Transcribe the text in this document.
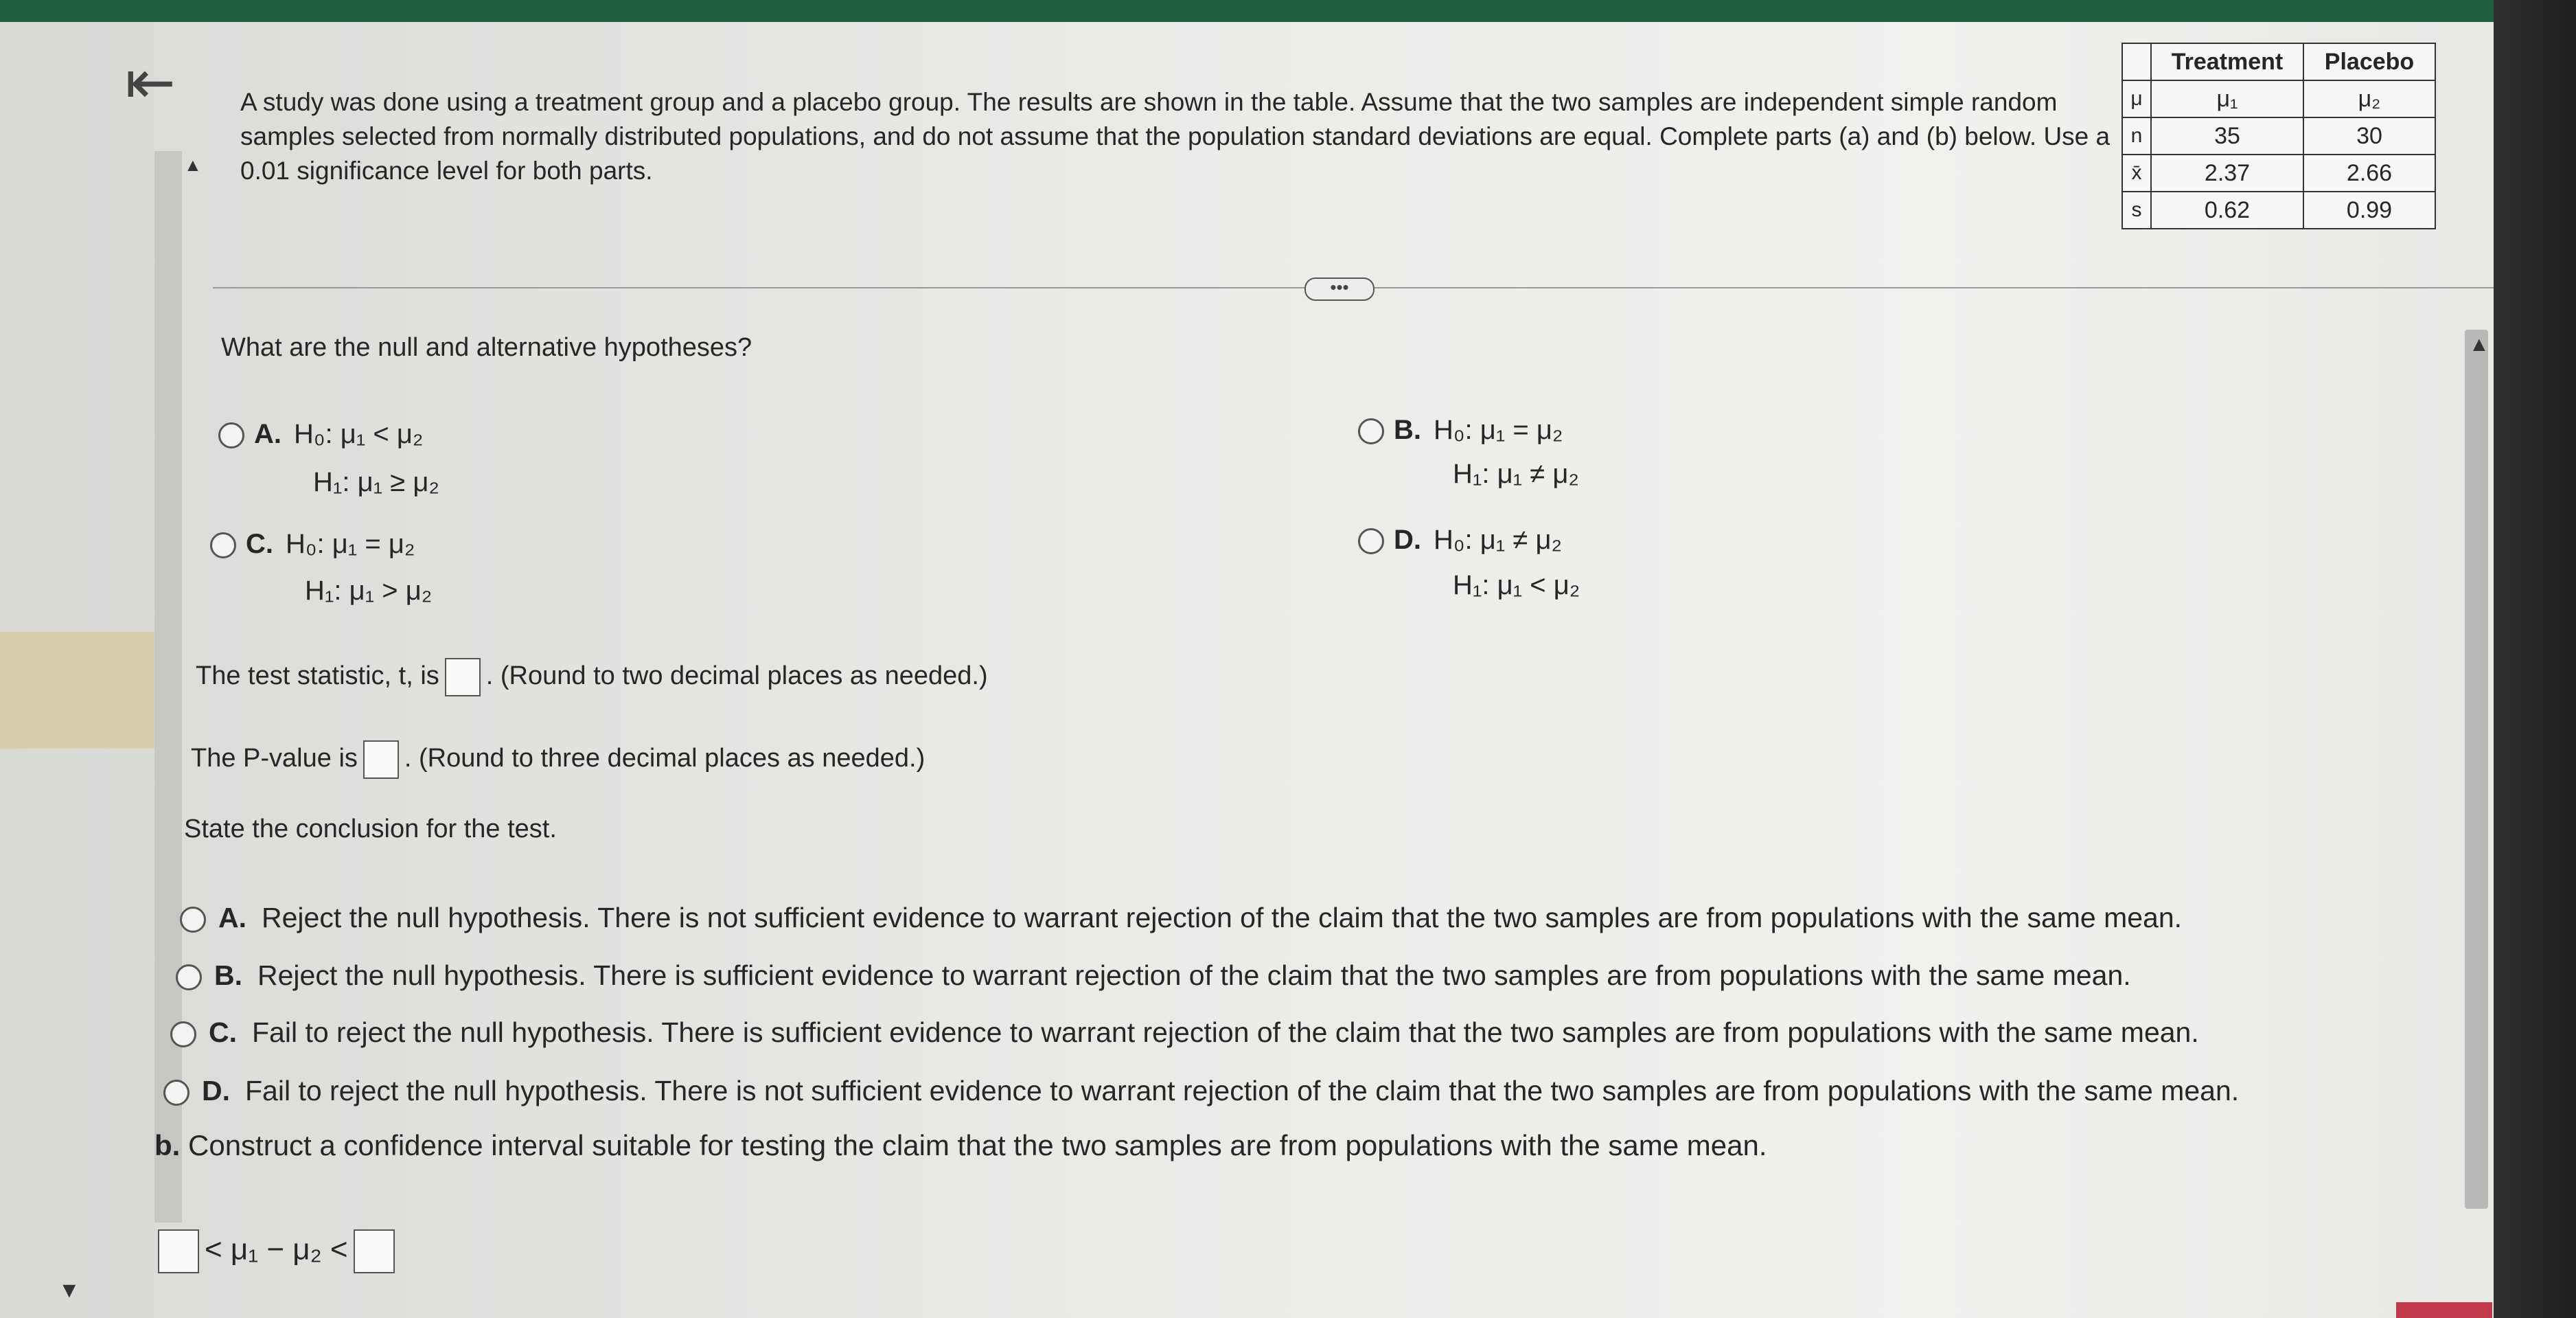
▲
▼
⇤	A study was done using a treatment group and a placebo group. The results are shown in the table. Assume that the two samples are independent simple random samples selected from normally distributed populations, and do not assume that the population standard deviations are equal. Complete parts (a) and (b) below. Use a 0.01 significance level for both parts.
	Treatment	Placebo
μ	μ₁	μ₂
n	35	30
x̄	2.37	2.66
s	0.62	0.99
•••
What are the null and alternative hypotheses?
A. H₀: μ₁ < μ₂
H₁: μ₁ ≥ μ₂
B. H₀: μ₁ = μ₂
H₁: μ₁ ≠ μ₂
C. H₀: μ₁ = μ₂
H₁: μ₁ > μ₂
D. H₀: μ₁ ≠ μ₂
H₁: μ₁ < μ₂
The test statistic, t, is . (Round to two decimal places as needed.)
The P-value is . (Round to three decimal places as needed.)
State the conclusion for the test.
A. Reject the null hypothesis. There is not sufficient evidence to warrant rejection of the claim that the two samples are from populations with the same mean.
B. Reject the null hypothesis. There is sufficient evidence to warrant rejection of the claim that the two samples are from populations with the same mean.
C. Fail to reject the null hypothesis. There is sufficient evidence to warrant rejection of the claim that the two samples are from populations with the same mean.
D. Fail to reject the null hypothesis. There is not sufficient evidence to warrant rejection of the claim that the two samples are from populations with the same mean.
b. Construct a confidence interval suitable for testing the claim that the two samples are from populations with the same mean.
< μ₁ − μ₂ <
▲
